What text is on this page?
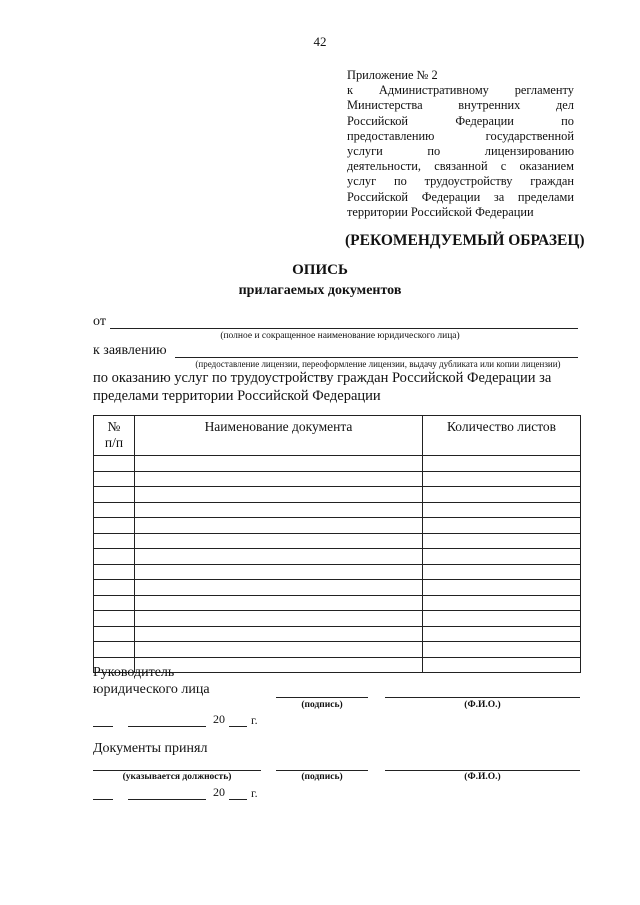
42
Приложение № 2
к Административному регламенту
Министерства внутренних дел
Российской Федерации по
предоставлению государственной
услуги по лицензированию
деятельности, связанной с оказанием
услуг по трудоустройству граждан
Российской Федерации за пределами
территории Российской Федерации
(РЕКОМЕНДУЕМЫЙ ОБРАЗЕЦ)
ОПИСЬ
прилагаемых документов
от
(полное и сокращенное наименование юридического лица)
к заявлению
(предоставление лицензии, переоформление лицензии, выдачу дубликата или копии лицензии)
по оказанию услуг по трудоустройству граждан Российской Федерации за
пределами территории Российской Федерации
№
п/п	Наименование документа	Количество листов

Руководитель
юридического лица
(подпись)	(Ф.И.О.)
20 г.
Документы принял
(указывается должность)	(подпись)	(Ф.И.О.)
20 г.
